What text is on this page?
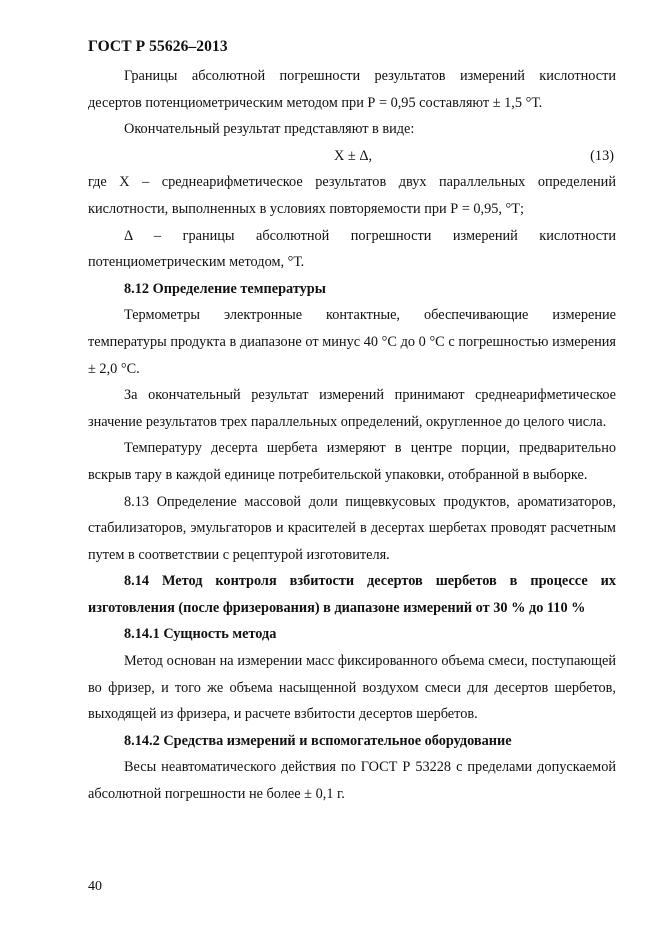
ГОСТ Р 55626–2013

Границы абсолютной погрешности результатов измерений кислотности десертов потенциометрическим методом при Р = 0,95 составляют ± 1,5 °Т.

Окончательный результат представляют в виде:

X ± Δ,	(13)

где X – среднеарифметическое результатов двух параллельных определений кислотности, выполненных в условиях повторяемости при Р = 0,95, °Т;

Δ – границы абсолютной погрешности измерений кислотности потенциометрическим методом, °Т.

8.12 Определение температуры

Термометры электронные контактные, обеспечивающие измерение температуры продукта в диапазоне от минус 40 °С до 0 °С с погрешностью измерения ± 2,0 °С.

За окончательный результат измерений принимают среднеарифметическое значение результатов трех параллельных определений, округленное до целого числа.

Температуру десерта шербета измеряют в центре порции, предварительно вскрыв тару в каждой единице потребительской упаковки, отобранной в выборке.

8.13 Определение массовой доли пищевкусовых продуктов, ароматизаторов, стабилизаторов, эмульгаторов и красителей в десертах шербетах проводят расчетным путем в соответствии с рецептурой изготовителя.

8.14 Метод контроля взбитости десертов шербетов в процессе их изготовления (после фризерования) в диапазоне измерений от 30 % до 110 %

8.14.1 Сущность метода

Метод основан на измерении масс фиксированного объема смеси, поступающей во фризер, и того же объема насыщенной воздухом смеси для десертов шербетов, выходящей из фризера, и расчете взбитости десертов шербетов.

8.14.2 Средства измерений и вспомогательное оборудование

Весы неавтоматического действия по ГОСТ Р 53228 с пределами допускаемой абсолютной погрешности не более ± 0,1 г.

40
